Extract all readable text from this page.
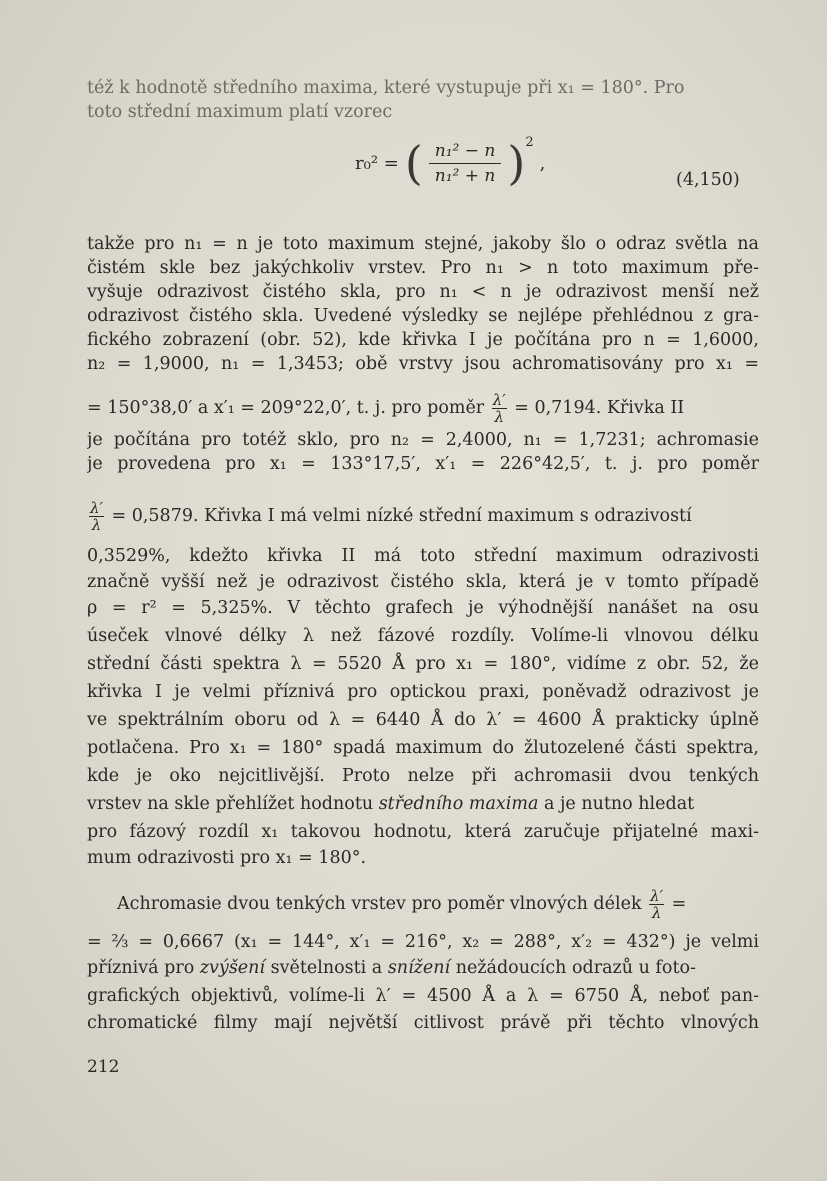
též k hodnotě středního maxima, které vystupuje při x₁ = 180°. Pro
toto střední maximum platí vzorec
r₀² = ( $\frac{\text{n₁² − n}}{\text{n₁² + n}} )^2$
,
(4,150)
takže pro n₁ = n je toto maximum stejné, jakoby šlo o odraz světla na
čistém skle bez jakýchkoliv vrstev. Pro n₁ > n toto maximum pře-
vyšuje odrazivost čistého skla, pro n₁ < n je odrazivost menší než
odrazivost čistého skla. Uvedené výsledky se nejlépe přehlédnou z gra-
fického zobrazení (obr. 52), kde křivka I je počítána pro n = 1,6000,
n₂ = 1,9000, n₁ = 1,3453; obě vrstvy jsou achromatisovány pro x₁ =
= 150°38,0′ a x′₁ = 209°22,0′, t. j. pro poměr $\frac{\lambda'}{\lambda} = 0,7194$. Křivka II
je počítána pro totéž sklo, pro n₂ = 2,4000, n₁ = 1,7231; achromasie
je provedena pro x₁ = 133°17,5′, x′₁ = 226°42,5′, t. j. pro poměr
$\frac{\lambda'}{\lambda} = 0,5879$. Křivka I má velmi nízké střední maximum s odrazivostí
0,3529%, kdežto křivka II má toto střední maximum odrazivosti
značně vyšší než je odrazivost čistého skla, která je v tomto případě
ρ = r² = 5,325%. V těchto grafech je výhodnější nanášet na osu
úseček vlnové délky λ než fázové rozdíly. Volíme-li vlnovou délku
střední části spektra λ = 5520 Å pro x₁ = 180°, vidíme z obr. 52, že
křivka I je velmi příznivá pro optickou praxi, poněvadž odrazivost je
ve spektrálním oboru od λ = 6440 Å do λ′ = 4600 Å prakticky úplně
potlačena. Pro x₁ = 180° spadá maximum do žlutozelené části spektra,
kde je oko nejcitlivější. Proto nelze při achromasii dvou tenkých
vrstev na skle přehlížet hodnotu středního maxima a je nutno hledat
pro fázový rozdíl x₁ takovou hodnotu, která zaručuje přijatelné maxi-
mum odrazivosti pro x₁ = 180°.
Achromasie dvou tenkých vrstev pro poměr vlnových délek $\frac{\lambda'}{\lambda}$ =
= ⅔ = 0,6667 (x₁ = 144°, x′₁ = 216°, x₂ = 288°, x′₂ = 432°) je velmi
příznivá pro zvýšení světelnosti a snížení nežádoucích odrazů u foto-
grafických objektivů, volíme-li λ′ = 4500 Å a λ = 6750 Å, neboť pan-
chromatické filmy mají největší citlivost právě při těchto vlnových
212
